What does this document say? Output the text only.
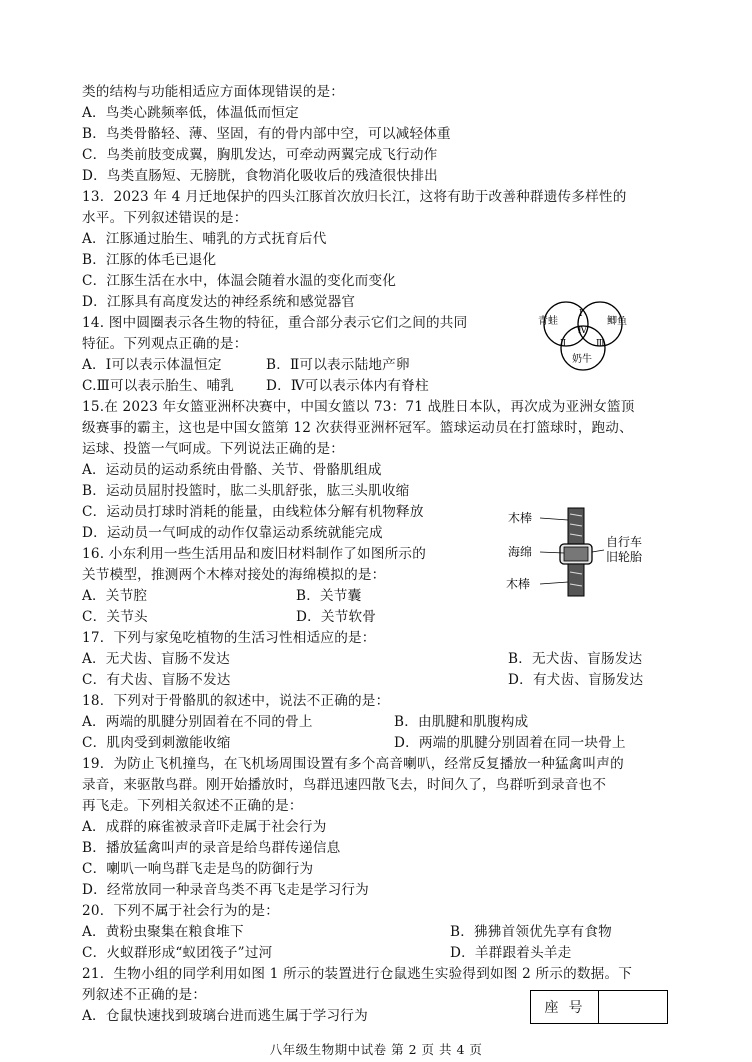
类的结构与功能相适应方面体现错误的是：
A．鸟类心跳频率低，体温低而恒定
B．鸟类骨骼轻、薄、坚固，有的骨内部中空，可以减轻体重
C．鸟类前肢变成翼，胸肌发达，可牵动两翼完成飞行动作
D．鸟类直肠短、无膀胱，食物消化吸收后的残渣很快排出
13．2023 年 4 月迁地保护的四头江豚首次放归长江，这将有助于改善种群遗传多样性的
水平。下列叙述错误的是：
A．江豚通过胎生、哺乳的方式抚育后代
B．江豚的体毛已退化
C．江豚生活在水中，体温会随着水温的变化而变化
D．江豚具有高度发达的神经系统和感觉器官
14. 图中圆圈表示各生物的特征，重合部分表示它们之间的共同
特征。下列观点正确的是：
A．Ⅰ可以表示体温恒定	B．Ⅱ可以表示陆地产卵
C.Ⅲ可以表示胎生、哺乳 D．Ⅳ可以表示体内有脊柱
青蛙	鲫鱼
奶牛
Ⅰ
Ⅱ	Ⅲ
Ⅳ
15.在 2023 年女篮亚洲杯决赛中，中国女篮以 73：71 战胜日本队，再次成为亚洲女篮顶
级赛事的霸主，这也是中国女篮第 12 次获得亚洲杯冠军。篮球运动员在打篮球时，跑动、
运球、投篮一气呵成。下列说法正确的是：
A．运动员的运动系统由骨骼、关节、骨骼肌组成
B．运动员屈肘投篮时，肱二头肌舒张，肱三头肌收缩
C．运动员打球时消耗的能量，由线粒体分解有机物释放
D．运动员一气呵成的动作仅靠运动系统就能完成
16. 小东利用一些生活用品和废旧材料制作了如图所示的
关节模型，推测两个木棒对接处的海绵模拟的是：
A．关节腔	B．关节囊
C．关节头	D．关节软骨
木棒
海绵
自行车
旧轮胎
木棒
17．下列与家兔吃植物的生活习性相适应的是：
A．无犬齿、盲肠不发达	B．无犬齿、盲肠发达
C．有犬齿、盲肠不发达	D．有犬齿、盲肠发达
18．下列对于骨骼肌的叙述中，说法不正确的是：
A．两端的肌腱分别固着在不同的骨上	B．由肌腱和肌腹构成
C．肌肉受到刺激能收缩	D．两端的肌腱分别固着在同一块骨上
19．为防止飞机撞鸟，在飞机场周围设置有多个高音喇叭，经常反复播放一种猛禽叫声的
录音，来驱散鸟群。刚开始播放时，鸟群迅速四散飞去，时间久了，鸟群听到录音也不
再飞走。下列相关叙述不正确的是：
A．成群的麻雀被录音吓走属于社会行为
B．播放猛禽叫声的录音是给鸟群传递信息
C．喇叭一响鸟群飞走是鸟的防御行为
D．经常放同一种录音鸟类不再飞走是学习行为
20．下列不属于社会行为的是：
A．黄粉虫聚集在粮食堆下	B．狒狒首领优先享有食物
C．火蚁群形成“蚁团筏子”过河	D．羊群跟着头羊走
21．生物小组的同学利用如图 1 所示的装置进行仓鼠逃生实验得到如图 2 所示的数据。下
列叙述不正确的是：
A．仓鼠快速找到玻璃台进而逃生属于学习行为	座号
八年级生物期中试卷 第 2 页 共 4 页
